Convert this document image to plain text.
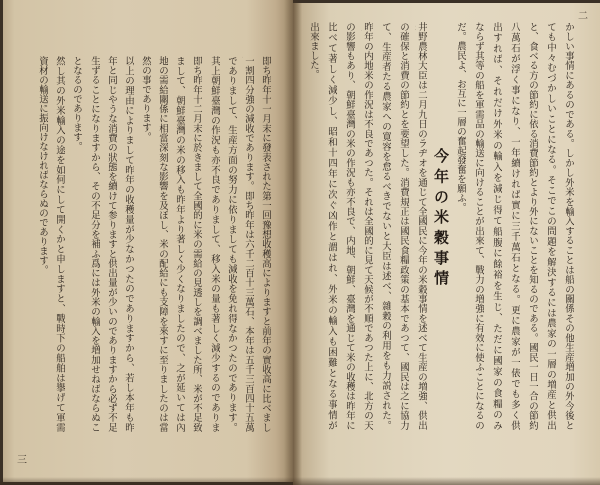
二
かしい事情にあるのである。しかし外米を輸入することは船の關係その他生産増加の外今後と
ても中々むづかしいことになる。そこでこの問題を解決するには農家の一層の増産と供出
と、食べる方の節約に依る消費節約とより外にないことを知るのである。國民一日一合の節約
八萬石が浮く事になり、一年續ければ實に三千萬石となる。更に農家が一俵でも多く供
出すれば、それだけ外米の輸入を減じ得て船腹に餘裕を生じ、ただに國家の食糧のみ
ならず其等の船を軍需品の輸送に向けることが出來て、戰力の増強に有效に使ふことになるの
だ。農民よ、お互に一層の奮起發奮を願ふ。
今年の米穀事情
井野農林大臣は二月九日のラヂオを通じて全國民に今年の米穀事情を述べて生産の増強、供出
の確保と消費の節約とを要望した。消費規正は國民食糧政策の基本であつて、國民は之に協力
て、生産者たる農家への寛容を怠るべきでないと大臣は述べ、雜穀の利用をも力説された。
昨年の内地米の作況は不良であつた。それは全國的に見て天候が不順であつた上に、北方の天
の影響もあり、朝鮮臺灣の米の作況も亦不良で、内地、朝鮮、臺灣を通じて米の收穫は昨年に
比べて著しく減少し、昭和十四年に次ぐ凶作と謂はれ、外米の輸入も困難となる事情が
出來ました。
即ち昨年十一月末に發表された第一回豫想收穫高によりますと前年の實收高に比べまし
一割四分強の減收であります。即ち昨年は六千二百十三萬石、本年は五千三百四十五萬
でありまして、生産方面の努力に依りましても減收を免れ得なかつたのであります。
其上朝鮮臺灣の作況も亦不良でありまして、移入米の量も著しく減少するのでありま
即ち昨年十二月末に於きまして全國的に米の需給の見透しを調べました所、米が不足致
まして、朝鮮臺灣の米の移入も昨年より著しく少くなりましたので、之が延いては內
地の需給關係に相當深刻な影響を及ぼし、米の配給にも支障を來すに至りましたのは當
然の事であります。
以上の理由によりまして昨年の收穫量が少なかつたのでありますから、若し本年も昨
年と同じやうな消費の狀態を續けて参りますと供出量が少いのでありますから必ず不足
生ずることになりますから、その不足分を補ふ爲には外米の輸入を増加せねばならぬこ
となるのであります。
然し其の外米輸入の途を如何にして開くかと申しますと、戰時下の船舶は擧げて軍需
資材の輸送に振向けなければならぬのであります。
三
